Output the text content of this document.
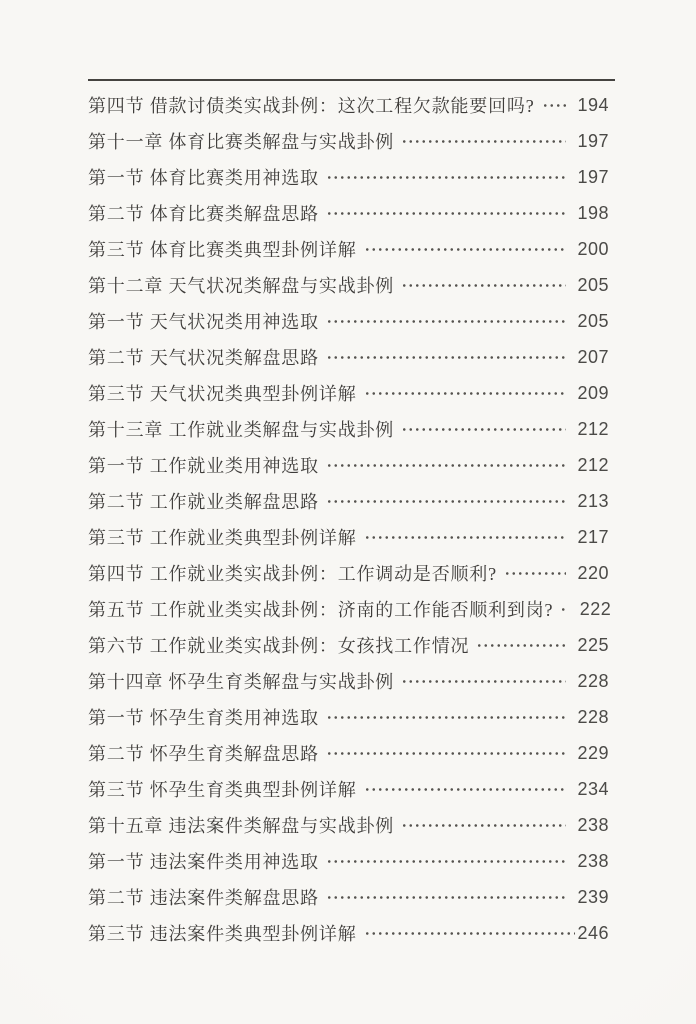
第四节 借款讨债类实战卦例：这次工程欠款能要回吗? 194
第十一章 体育比赛类解盘与实战卦例	197
第一节 体育比赛类用神选取	197
第二节 体育比赛类解盘思路	198
第三节 体育比赛类典型卦例详解	200
第十二章 天气状况类解盘与实战卦例	205
第一节 天气状况类用神选取	205
第二节 天气状况类解盘思路	207
第三节 天气状况类典型卦例详解	209
第十三章 工作就业类解盘与实战卦例	212
第一节 工作就业类用神选取	212
第二节 工作就业类解盘思路	213
第三节 工作就业类典型卦例详解	217
第四节 工作就业类实战卦例：工作调动是否顺利?	220
第五节 工作就业类实战卦例：济南的工作能否顺利到岗? 222
第六节 工作就业类实战卦例：女孩找工作情况	225
第十四章 怀孕生育类解盘与实战卦例	228
第一节 怀孕生育类用神选取	228
第二节 怀孕生育类解盘思路	229
第三节 怀孕生育类典型卦例详解	234
第十五章 违法案件类解盘与实战卦例	238
第一节 违法案件类用神选取	238
第二节 违法案件类解盘思路	239
第三节 违法案件类典型卦例详解	246
